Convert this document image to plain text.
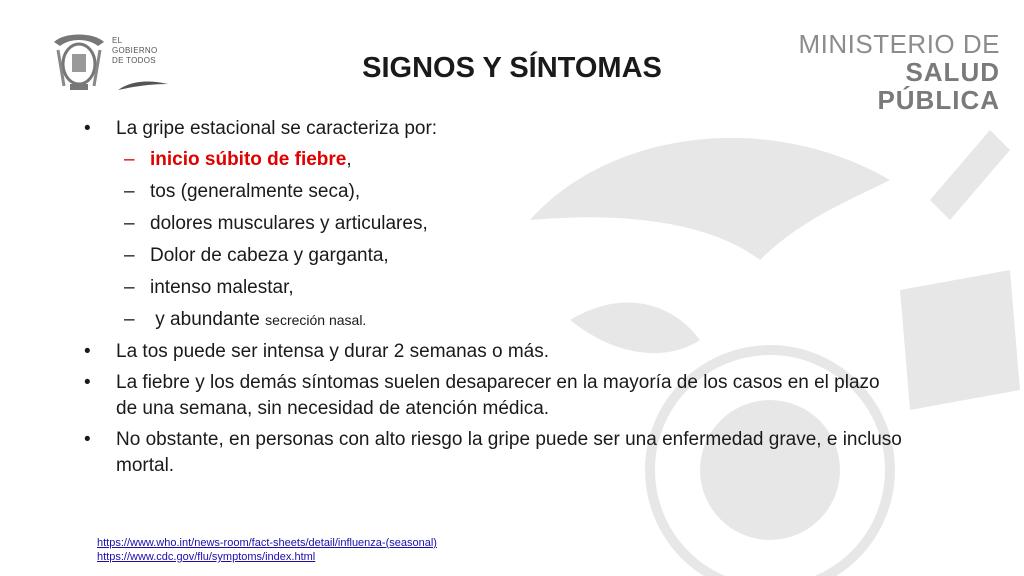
EL
GOBIERNO
DE TODOS
MINISTERIO DE
SALUD PÚBLICA
SIGNOS Y SÍNTOMAS
• La gripe estacional se caracteriza por:
– inicio súbito de fiebre,
– tos (generalmente seca),
– dolores musculares y articulares,
– Dolor de cabeza y garganta,
– intenso malestar,
– y abundante secreción nasal.
• La tos puede ser intensa y durar 2 semanas o más.
• La fiebre y los demás síntomas suelen desaparecer en la mayoría de los casos en el plazo de una semana, sin necesidad de atención médica.
• No obstante, en personas con alto riesgo la gripe puede ser una enfermedad grave, e incluso mortal.
https://www.who.int/news-room/fact-sheets/detail/influenza-(seasonal)
https://www.cdc.gov/flu/symptoms/index.html
